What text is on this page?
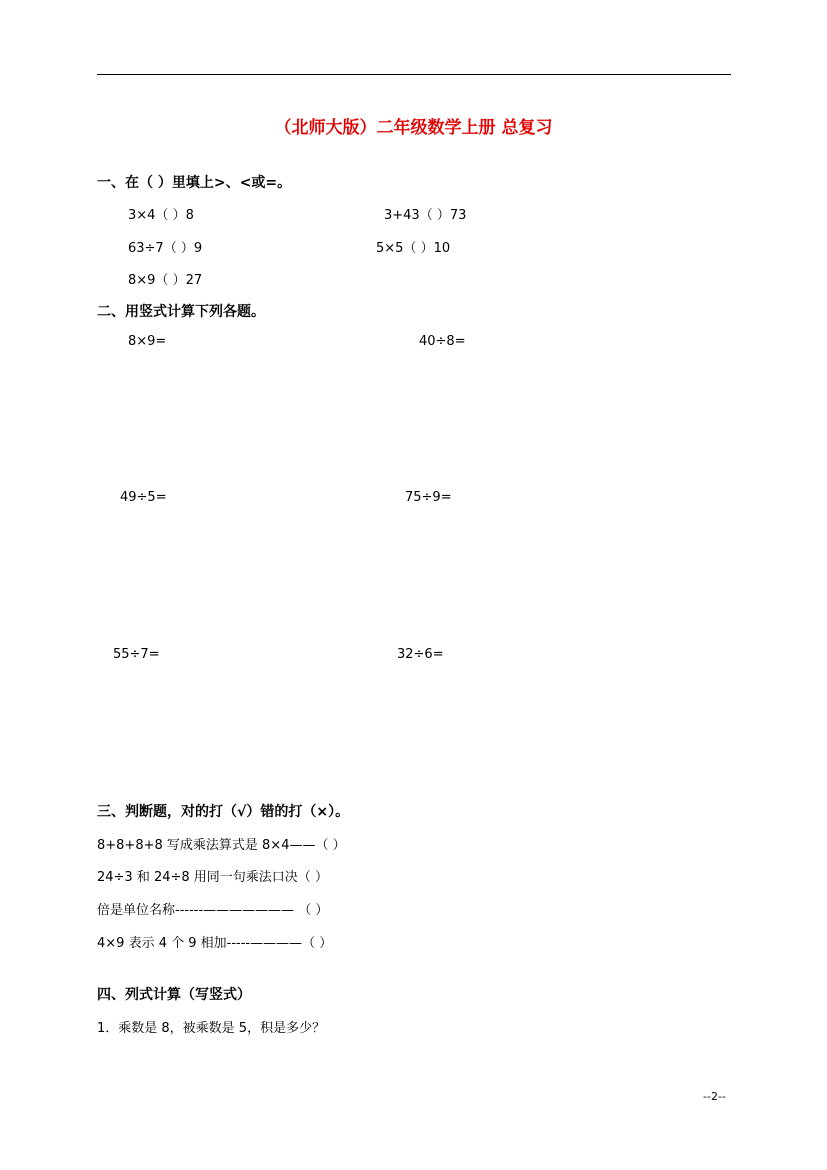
（北师大版）二年级数学上册 总复习
一、在（ ）里填上>、<或=。
3×4（ ）8	3+43（ ）73
63÷7（ ）9	5×5（ ）10
8×9（ ）27
二、用竖式计算下列各题。
8×9=	40÷8=
49÷5=	75÷9=
55÷7=	32÷6=
三、判断题，对的打（√）错的打（×）。
8+8+8+8 写成乘法算式是 8×4——（ ）
24÷3 和 24÷8 用同一句乘法口决（ ）
倍是单位名称------——————— （ ）
4×9 表示 4 个 9 相加-----————（ ）
四、列式计算（写竖式）
1．乘数是 8，被乘数是 5，积是多少？
--2--
